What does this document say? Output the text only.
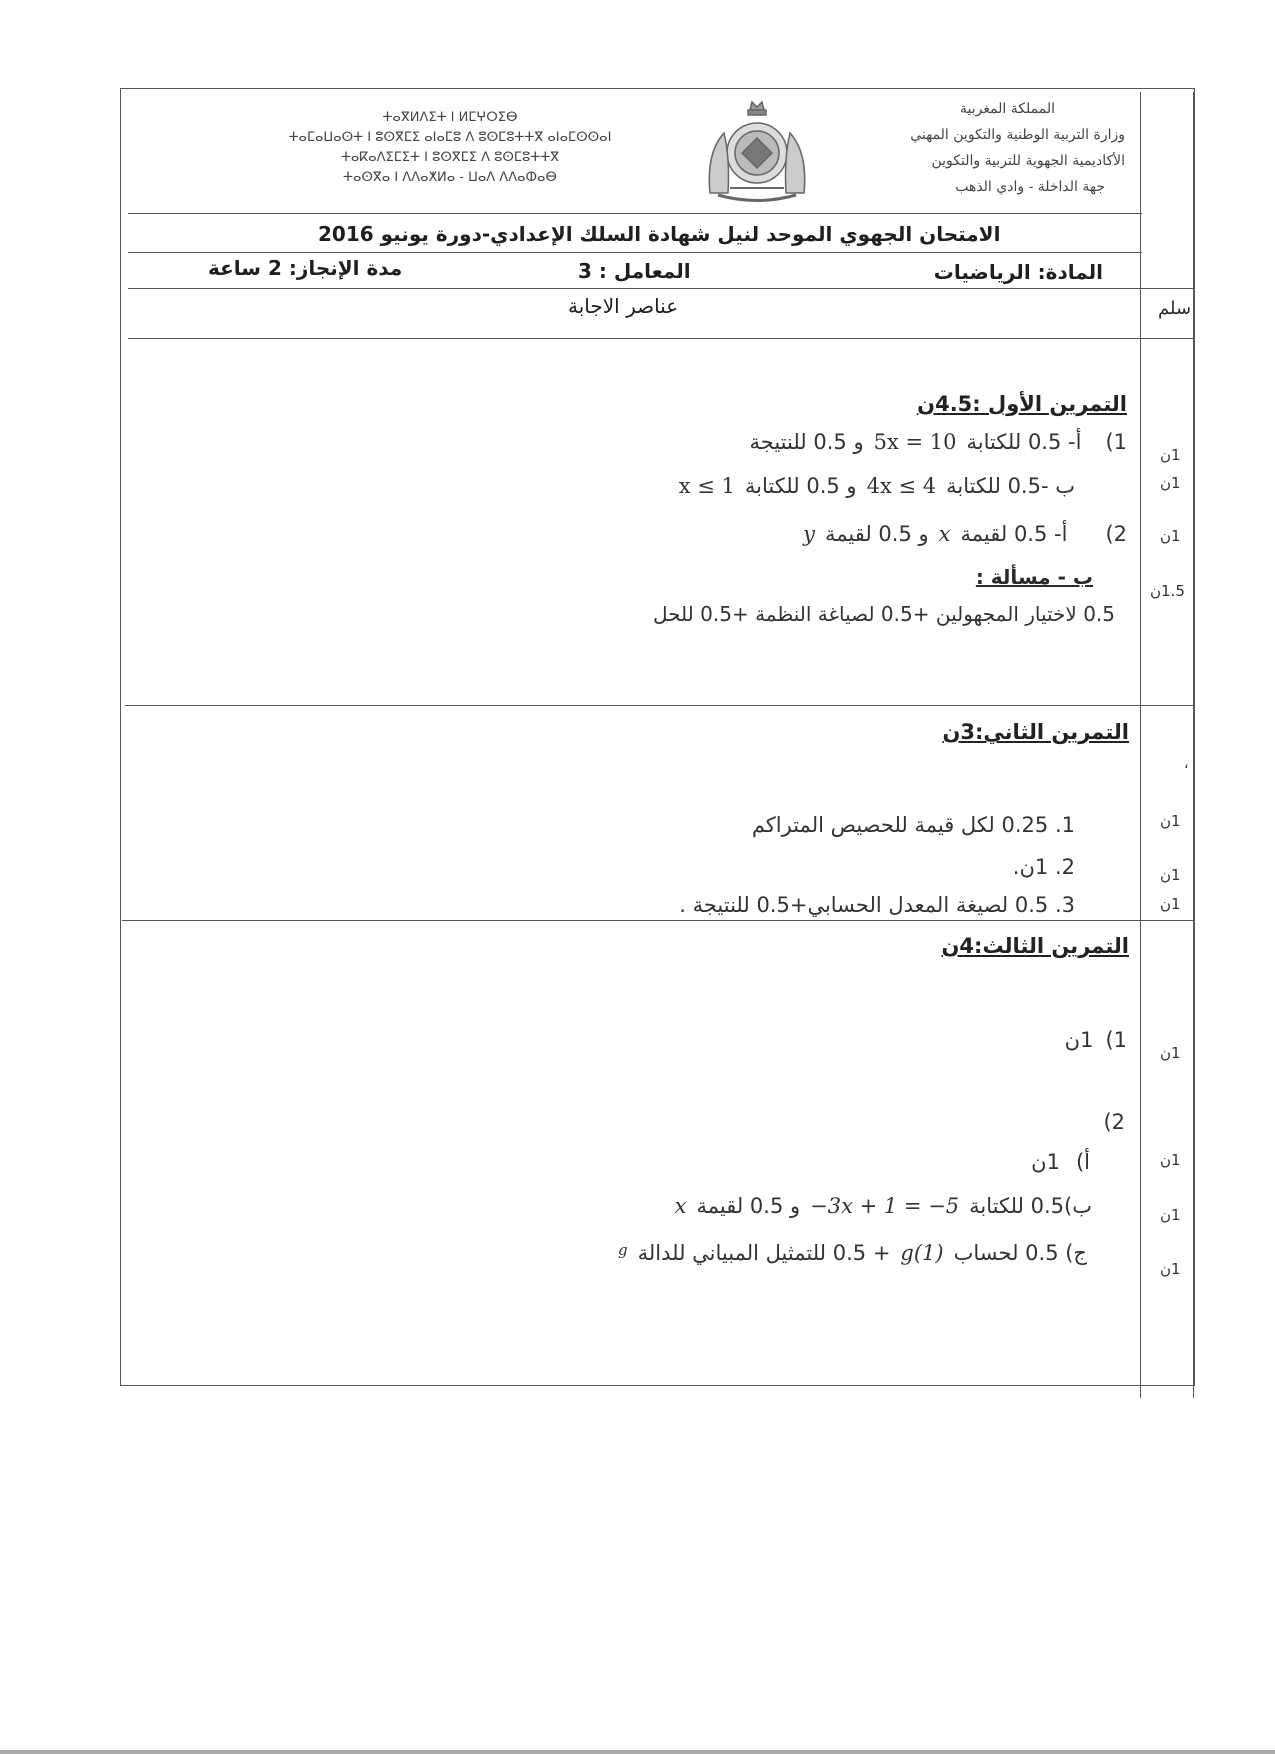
المملكة المغربية
وزارة التربية الوطنية والتكوين المهني
الأكاديمية الجهوية للتربية والتكوين
جهة الداخلة - وادي الذهب
ⵜⴰⴳⵍⴷⵉⵜ ⵏ ⵍⵎⵖⵔⵉⴱ
ⵜⴰⵎⴰⵡⴰⵙⵜ ⵏ ⵓⵙⴳⵎⵉ ⴰⵏⴰⵎⵓ ⴷ ⵓⵙⵎⵓⵜⵜⴳ ⴰⵏⴰⵎⵙⵙⴰⵏ
ⵜⴰⴽⴰⴷⵉⵎⵉⵜ ⵏ ⵓⵙⴳⵎⵉ ⴷ ⵓⵙⵎⵓⵜⵜⴳ
ⵜⴰⵙⴳⴰ ⵏ ⴷⴷⴰⵅⵍⴰ - ⵡⴰⴷ ⴷⴷⴰⵀⴰⴱ
الامتحان الجهوي الموحد لنيل شهادة السلك الإعدادي-دورة يونيو 2016
المادة: الرياضيات
المعامل : 3
مدة الإنجاز: 2 ساعة
سلم
عناصر الاجابة
التمرين الأول :4.5ن
(1
أ- 0.5 للكتابة
5x = 10
و 0.5 للنتيجة
ب -0.5 للكتابة
4x ≤ 4
و 0.5 للكتابة
x ≤ 1
(2
أ- 0.5 لقيمة
x
و 0.5 لقيمة
y
ب - مسألة :
0.5 لاختيار المجهولين +0.5 لصياغة النظمة +0.5 للحل
1ن
1ن
1ن
1.5ن
التمرين الثاني:3ن
،
1. 0.25 لكل قيمة للحصيص المتراكم
2. 1ن.
3. 0.5 لصيغة المعدل الحسابي+0.5 للنتيجة .
1ن
1ن
1ن
التمرين الثالث:4ن
(1
1ن
(2
أ)
1ن
ب)0.5 للكتابة
−3x + 1 = −5
و 0.5 لقيمة
x
ج) 0.5 لحساب
g(1)
+ 0.5 للتمثيل المبياني للدالة
g
1ن
1ن
1ن
1ن
